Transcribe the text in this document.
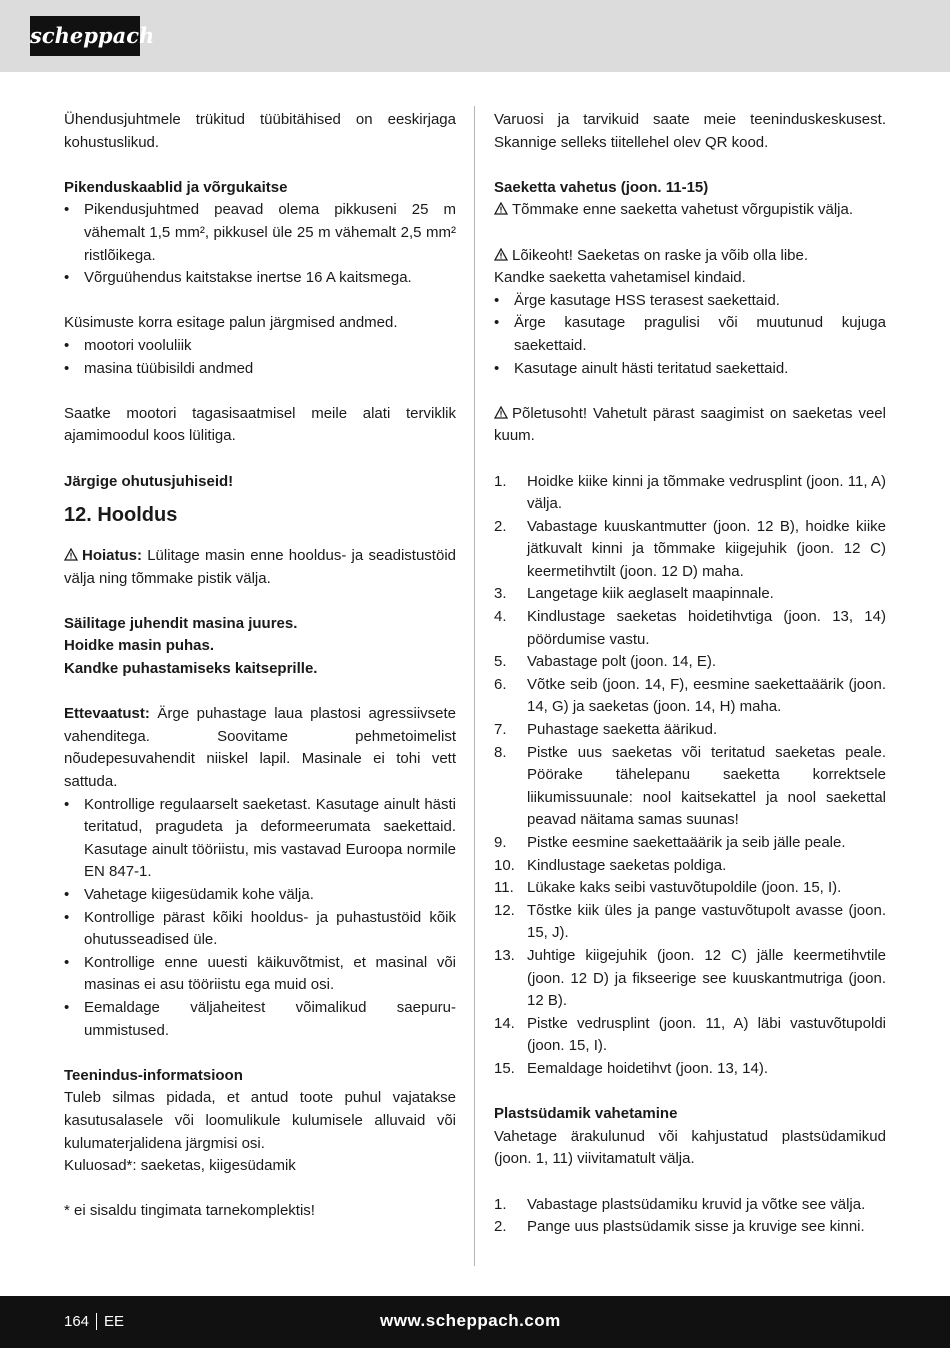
scheppach

Ühendusjuhtmele trükitud tüübitähised on eeskirjaga kohustuslikud.

Pikenduskaablid ja võrgukaitse

• Pikendusjuhtmed peavad olema pikkuseni 25 m vähemalt 1,5 mm², pikkusel üle 25 m vähemalt 2,5 mm² ristlõikega.
• Võrguühendus kaitstakse inertse 16 A kaitsmega.

Küsimuste korra esitage palun järgmised andmed.

• mootori vooluliik
• masina tüübisildi andmed

Saatke mootori tagasisaatmisel meile alati terviklik ajamimoodul koos lülitiga.

Järgige ohutusjuhiseid!

12. Hooldus

Hoiatus: Lülitage masin enne hooldus- ja seadistustöid välja ning tõmmake pistik välja.

Säilitage juhendit masina juures.

Hoidke masin puhas.

Kandke puhastamiseks kaitseprille.

Ettevaatust: Ärge puhastage laua plastosi agressiivsete vahenditega. Soovitame pehmetoimelist nõudepesuvahendit niiskel lapil. Masinale ei tohi vett sattuda.

• Kontrollige regulaarselt saeketast. Kasutage ainult hästi teritatud, pragudeta ja deformeerumata saekettaid. Kasutage ainult tööriistu, mis vastavad Euroopa normile EN 847-1.
• Vahetage kiigesüdamik kohe välja.
• Kontrollige pärast kõiki hooldus- ja puhastustöid kõik ohutusseadised üle.
• Kontrollige enne uuesti käikuvõtmist, et masinal või masinas ei asu tööriistu ega muid osi.
• Eemaldage väljaheitest võimalikud saepuru-ummistused.

Teenindus-informatsioon

Tuleb silmas pidada, et antud toote puhul vajatakse kasutusalasele või loomulikule kulumisele alluvaid või kulumaterjalidena järgmisi osi.

Kuluosad*: saeketas, kiigesüdamik

* ei sisaldu tingimata tarnekomplektis!

Varuosi ja tarvikuid saate meie teeninduskeskusest. Skannige selleks tiitellehel olev QR kood.

Saeketta vahetus (joon. 11-15)

Tõmmake enne saeketta vahetust võrgupistik välja.

Lõikeoht! Saeketas on raske ja võib olla libe.

Kandke saeketta vahetamisel kindaid.

• Ärge kasutage HSS terasest saekettaid.
• Ärge kasutage pragulisi või muutunud kujuga saekettaid.
• Kasutage ainult hästi teritatud saekettaid.

Põletusoht! Vahetult pärast saagimist on saeketas veel kuum.

1. Hoidke kiike kinni ja tõmmake vedrusplint (joon. 11, A) välja.
2. Vabastage kuuskantmutter (joon. 12 B), hoidke kiike jätkuvalt kinni ja tõmmake kiigejuhik (joon. 12 C) keermetihvtilt (joon. 12 D) maha.
3. Langetage kiik aeglaselt maapinnale.
4. Kindlustage saeketas hoidetihvtiga (joon. 13, 14) pöördumise vastu.
5. Vabastage polt (joon. 14, E).
6. Võtke seib (joon. 14, F), eesmine saekettaäärik (joon. 14, G) ja saeketas (joon. 14, H) maha.
7. Puhastage saeketta äärikud.
8. Pistke uus saeketas või teritatud saeketas peale. Pöörake tähelepanu saeketta korrektsele liikumissuunale: nool kaitsekattel ja nool saekettal peavad näitama samas suunas!
9. Pistke eesmine saekettaäärik ja seib jälle peale.
10. Kindlustage saeketas poldiga.
11. Lükake kaks seibi vastuvõtupoldile (joon. 15, I).
12. Tõstke kiik üles ja pange vastuvõtupolt avasse (joon. 15, J).
13. Juhtige kiigejuhik (joon. 12 C) jälle keermetihvtile (joon. 12 D) ja fikseerige see kuuskantmutriga (joon. 12 B).
14. Pistke vedrusplint (joon. 11, A) läbi vastuvõtupoldi (joon. 15, I).
15. Eemaldage hoidetihvt (joon. 13, 14).

Plastsüdamik vahetamine

Vahetage ärakulunud või kahjustatud plastsüdamikud (joon. 1, 11) viivitamatult välja.

1. Vabastage plastsüdamiku kruvid ja võtke see välja.
2. Pange uus plastsüdamik sisse ja kruvige see kinni.
164 EE	www.scheppach.com
